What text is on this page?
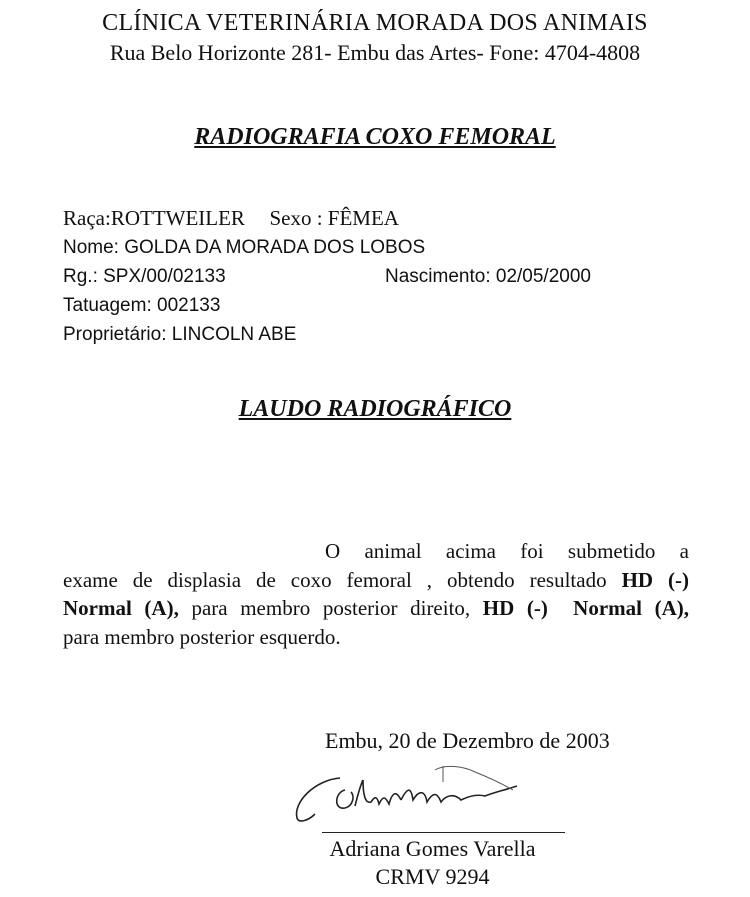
CLÍNICA VETERINÁRIA MORADA DOS ANIMAIS
Rua Belo Horizonte 281- Embu das Artes- Fone: 4704-4808
RADIOGRAFIA COXO FEMORAL
Raça:ROTTWEILER Sexo : FÊMEA
Nome: GOLDA DA MORADA DOS LOBOS
Rg.: SPX/00/02133	Nascimento: 02/05/2000
Tatuagem: 002133
Proprietário: LINCOLN ABE
LAUDO RADIOGRÁFICO
O animal acima foi submetido a
exame de displasia de coxo femoral , obtendo resultado HD (-)
Normal (A), para membro posterior direito, HD (-) Normal (A),
para membro posterior esquerdo.
Embu, 20 de Dezembro de 2003
Adriana Gomes Varella
CRMV 9294
